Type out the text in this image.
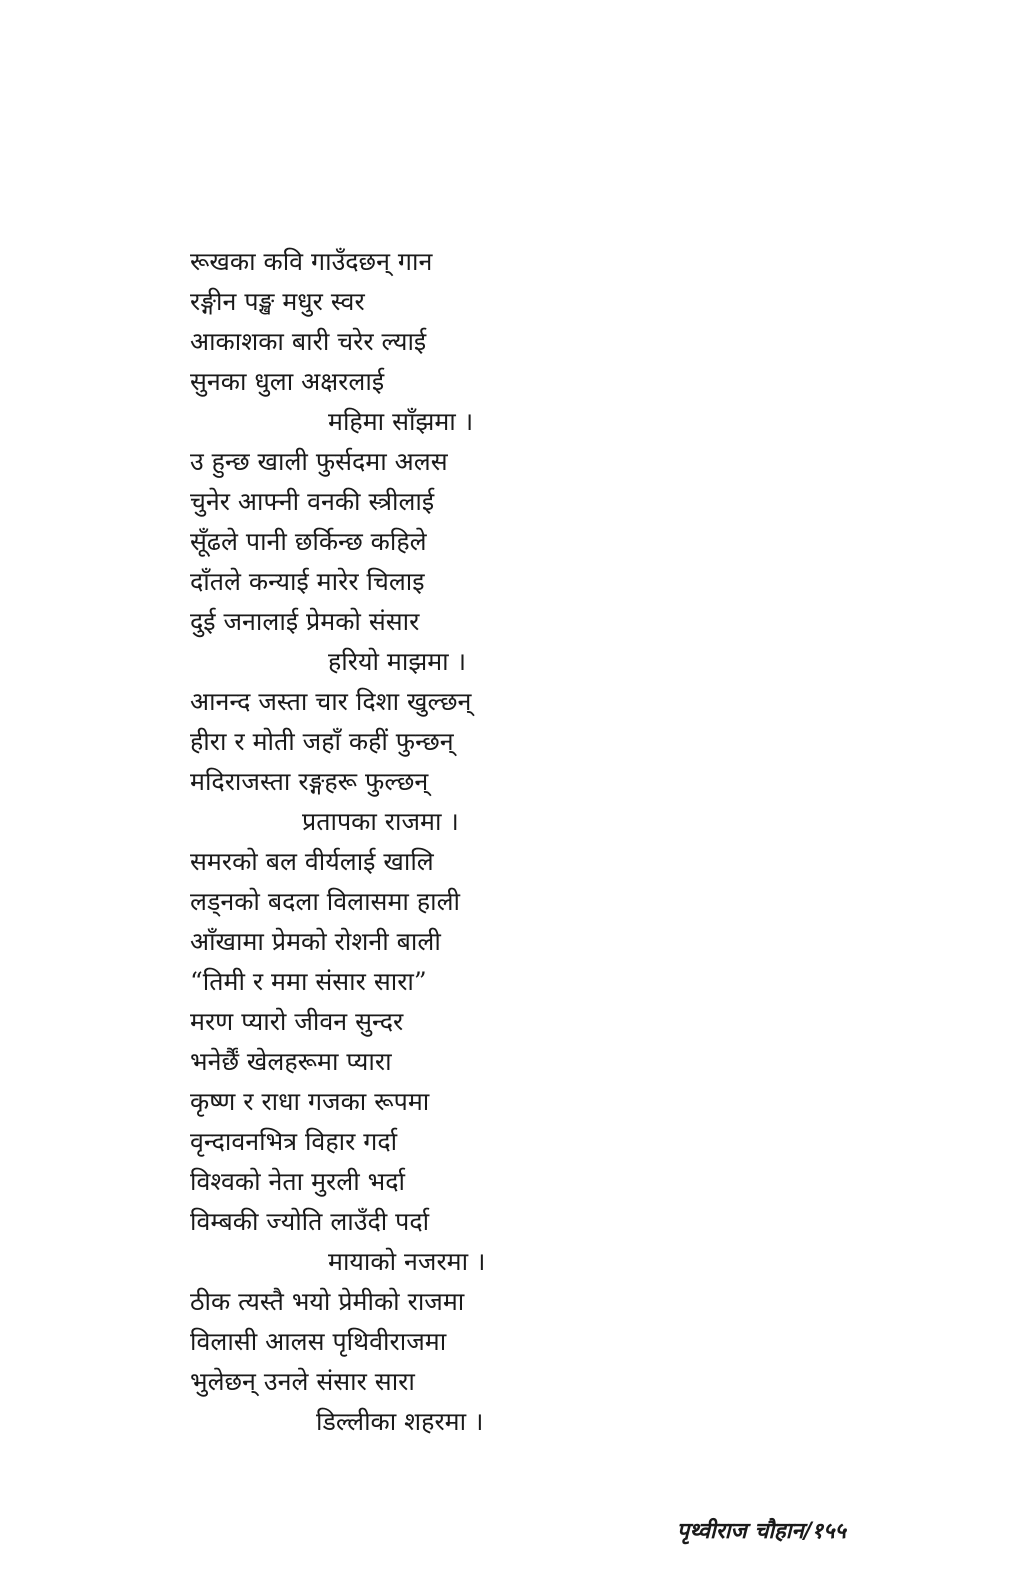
रूखका कवि गाउँदछन् गान
रङ्गीन पङ्ख मधुर स्वर
आकाशका बारी चरेर ल्याई
सुनका धुला अक्षरलाई
महिमा साँझमा ।
उ हुन्छ खाली फुर्सदमा अलस
चुनेर आफ्नी वनकी स्त्रीलाई
सूँढले पानी छर्किन्छ कहिले
दाँतले कन्याई मारेर चिलाइ
दुई जनालाई प्रेमको संसार
हरियो माझमा ।
आनन्द जस्ता चार दिशा खुल्छन्
हीरा र मोती जहाँ कहीं फुन्छन्
मदिराजस्ता रङ्गहरू फुल्छन्
प्रतापका राजमा ।
समरको बल वीर्यलाई खालि
लड्नको बदला विलासमा हाली
आँखामा प्रेमको रोशनी बाली
“तिमी र ममा संसार सारा”
मरण प्यारो जीवन सुन्दर
भनेर्छैं खेलहरूमा प्यारा
कृष्ण र राधा गजका रूपमा
वृन्दावनभित्र विहार गर्दा
विश्वको नेता मुरली भर्दा
विम्बकी ज्योति लाउँदी पर्दा
मायाको नजरमा ।
ठीक त्यस्तै भयो प्रेमीको राजमा
विलासी आलस पृथिवीराजमा
भुलेछन् उनले संसार सारा
डिल्लीका शहरमा ।
पृथ्वीराज चौहान/१५५
